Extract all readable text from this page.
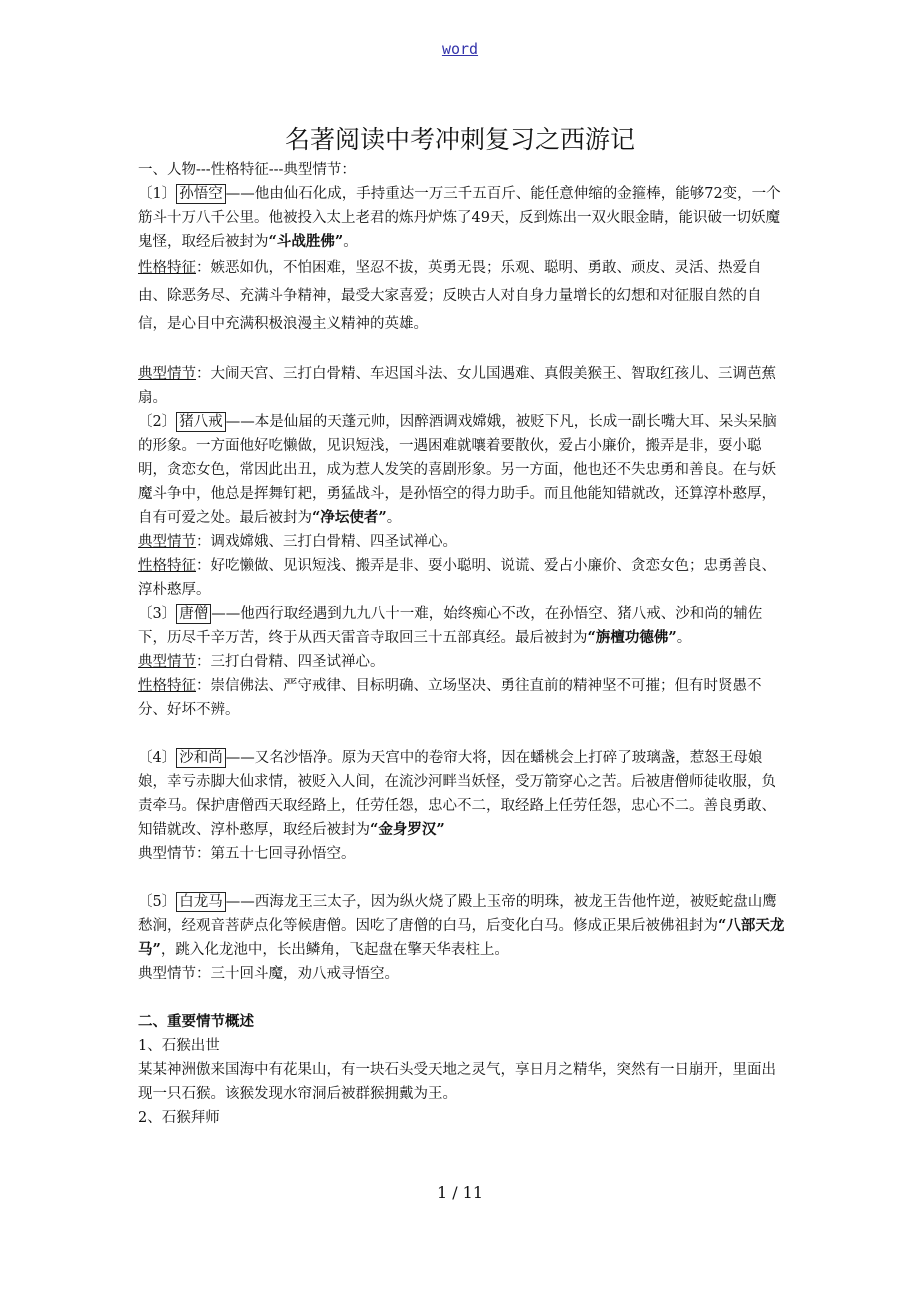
word
名著阅读中考冲刺复习之西游记

一、人物---性格特征---典型情节：

〔1〕 孙悟空 ——他由仙石化成，手持重达一万三千五百斤、能任意伸缩的金箍棒，能够72变，一个筋斗十万八千公里。他被投入太上老君的炼丹炉炼了49天，反到炼出一双火眼金睛，能识破一切妖魔鬼怪，取经后被封为“斗战胜佛”。

性格特征：嫉恶如仇，不怕困难，坚忍不拔，英勇无畏；乐观、聪明、勇敢、顽皮、灵活、热爱自由、除恶务尽、充满斗争精神，最受大家喜爱；反映古人对自身力量增长的幻想和对征服自然的自信，是心目中充满积极浪漫主义精神的英雄。

典型情节：大闹天宫、三打白骨精、车迟国斗法、女儿国遇难、真假美猴王、智取红孩儿、三调芭蕉扇。

〔2〕 猪八戒 ——本是仙届的天蓬元帅，因醉酒调戏嫦娥，被贬下凡，长成一副长嘴大耳、呆头呆脑的形象。一方面他好吃懒做，见识短浅，一遇困难就嚷着要散伙，爱占小廉价，搬弄是非，耍小聪明，贪恋女色，常因此出丑，成为惹人发笑的喜剧形象。另一方面，他也还不失忠勇和善良。在与妖魔斗争中，他总是挥舞钉耙，勇猛战斗，是孙悟空的得力助手。而且他能知错就改，还算淳朴憨厚，自有可爱之处。最后被封为“净坛使者”。

典型情节：调戏嫦娥、三打白骨精、四圣试禅心。

性格特征：好吃懒做、见识短浅、搬弄是非、耍小聪明、说谎、爱占小廉价、贪恋女色；忠勇善良、淳朴憨厚。

〔3〕 唐僧 ——他西行取经遇到九九八十一难，始终痴心不改，在孙悟空、猪八戒、沙和尚的辅佐下，历尽千辛万苦，终于从西天雷音寺取回三十五部真经。最后被封为“旃檀功德佛”。

典型情节：三打白骨精、四圣试禅心。

性格特征：崇信佛法、严守戒律、目标明确、立场坚决、勇往直前的精神坚不可摧；但有时贤愚不分、好坏不辨。

〔4〕 沙和尚 ——又名沙悟净。原为天宫中的卷帘大将，因在蟠桃会上打碎了玻璃盏，惹怒王母娘娘，幸亏赤脚大仙求情，被贬入人间，在流沙河畔当妖怪，受万箭穿心之苦。后被唐僧师徒收服，负责牵马。保护唐僧西天取经路上，任劳任怨，忠心不二，取经路上任劳任怨，忠心不二。善良勇敢、知错就改、淳朴憨厚，取经后被封为“金身罗汉”

典型情节：第五十七回寻孙悟空。

〔5〕 白龙马 ——西海龙王三太子，因为纵火烧了殿上玉帝的明珠，被龙王告他忤逆，被贬蛇盘山鹰愁涧，经观音菩萨点化等候唐僧。因吃了唐僧的白马，后变化白马。修成正果后被佛祖封为“八部天龙马”，跳入化龙池中，长出鳞角，飞起盘在擎天华表柱上。

典型情节：三十回斗魔，劝八戒寻悟空。

二、重要情节概述

1、石猴出世

某某神洲傲来国海中有花果山，有一块石头受天地之灵气，享日月之精华，突然有一日崩开，里面出现一只石猴。该猴发现水帘洞后被群猴拥戴为王。

2、石猴拜师

1 / 11
